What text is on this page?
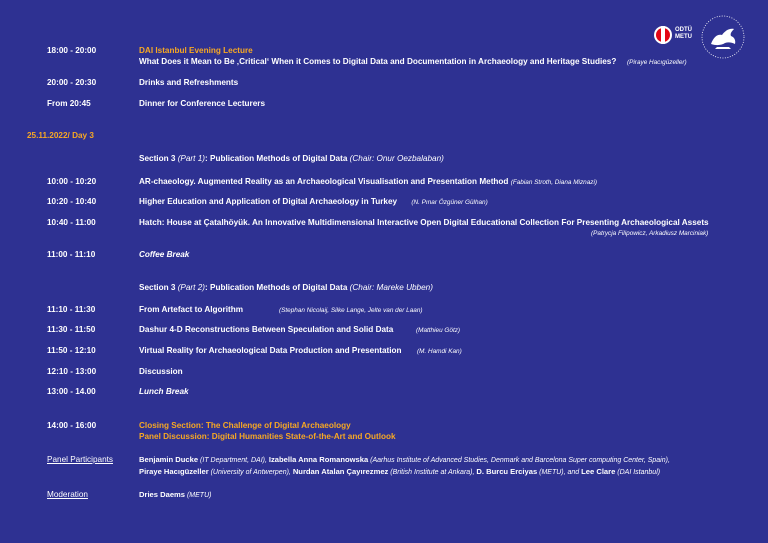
ODTÜ
METU
18:00 - 20:00	DAI Istanbul Evening Lecture
What Does it Mean to Be ‚Critical‘ When it Comes to Digital Data and Documentation in Archaeology and Heritage Studies? (Piraye Hacıgüzeller)
20:00 - 20:30	Drinks and Refreshments
From 20:45	Dinner for Conference Lecturers
25.11.2022/ Day 3
Section 3 (Part 1): Publication Methods of Digital Data (Chair: Onur Oezbalaban)
10:00 - 10:20	AR-chaeology. Augmented Reality as an Archaeological Visualisation and Presentation Method (Fabian Stroth, Diana Miznazi)
10:20 - 10:40	Higher Education and Application of Digital Archaeology in Turkey (N. Pınar Özgüner Gülhan)
10:40 - 11:00	Hatch: House at Çatalhöyük. An Innovative Multidimensional Interactive Open Digital Educational Collection For Presenting Archaeological Assets
(Patrycja Filipowicz, Arkadiusz Marciniak)
11:00 - 11:10	Coffee Break
Section 3 (Part 2): Publication Methods of Digital Data (Chair: Mareke Ubben)
11:10 - 11:30	From Artefact to Algorithm	(Stephan Nicolaij, Silke Lange, Jelte van der Laan)
11:30 - 11:50	Dashur 4-D Reconstructions Between Speculation and Solid Data	(Matthieu Götz)
11:50 - 12:10	Virtual Reality for Archaeological Data Production and Presentation (M. Hamdi Kan)
12:10 - 13:00	Discussion
13:00 - 14.00	Lunch Break
14:00 - 16:00	Closing Section: The Challenge of Digital Archaeology
Panel Discussion: Digital Humanities State-of-the-Art and Outlook
Panel Participants	Benjamin Ducke (IT Department, DAI), Izabella Anna Romanowska (Aarhus Institute of Advanced Studies, Denmark and Barcelona Super computing Center, Spain),
Piraye Hacıgüzeller (University of Antwerpen), Nurdan Atalan Çayırezmez (British Institute at Ankara), D. Burcu Erciyas (METU), and Lee Clare (DAI Istanbul)
Moderation	Dries Daems (METU)
